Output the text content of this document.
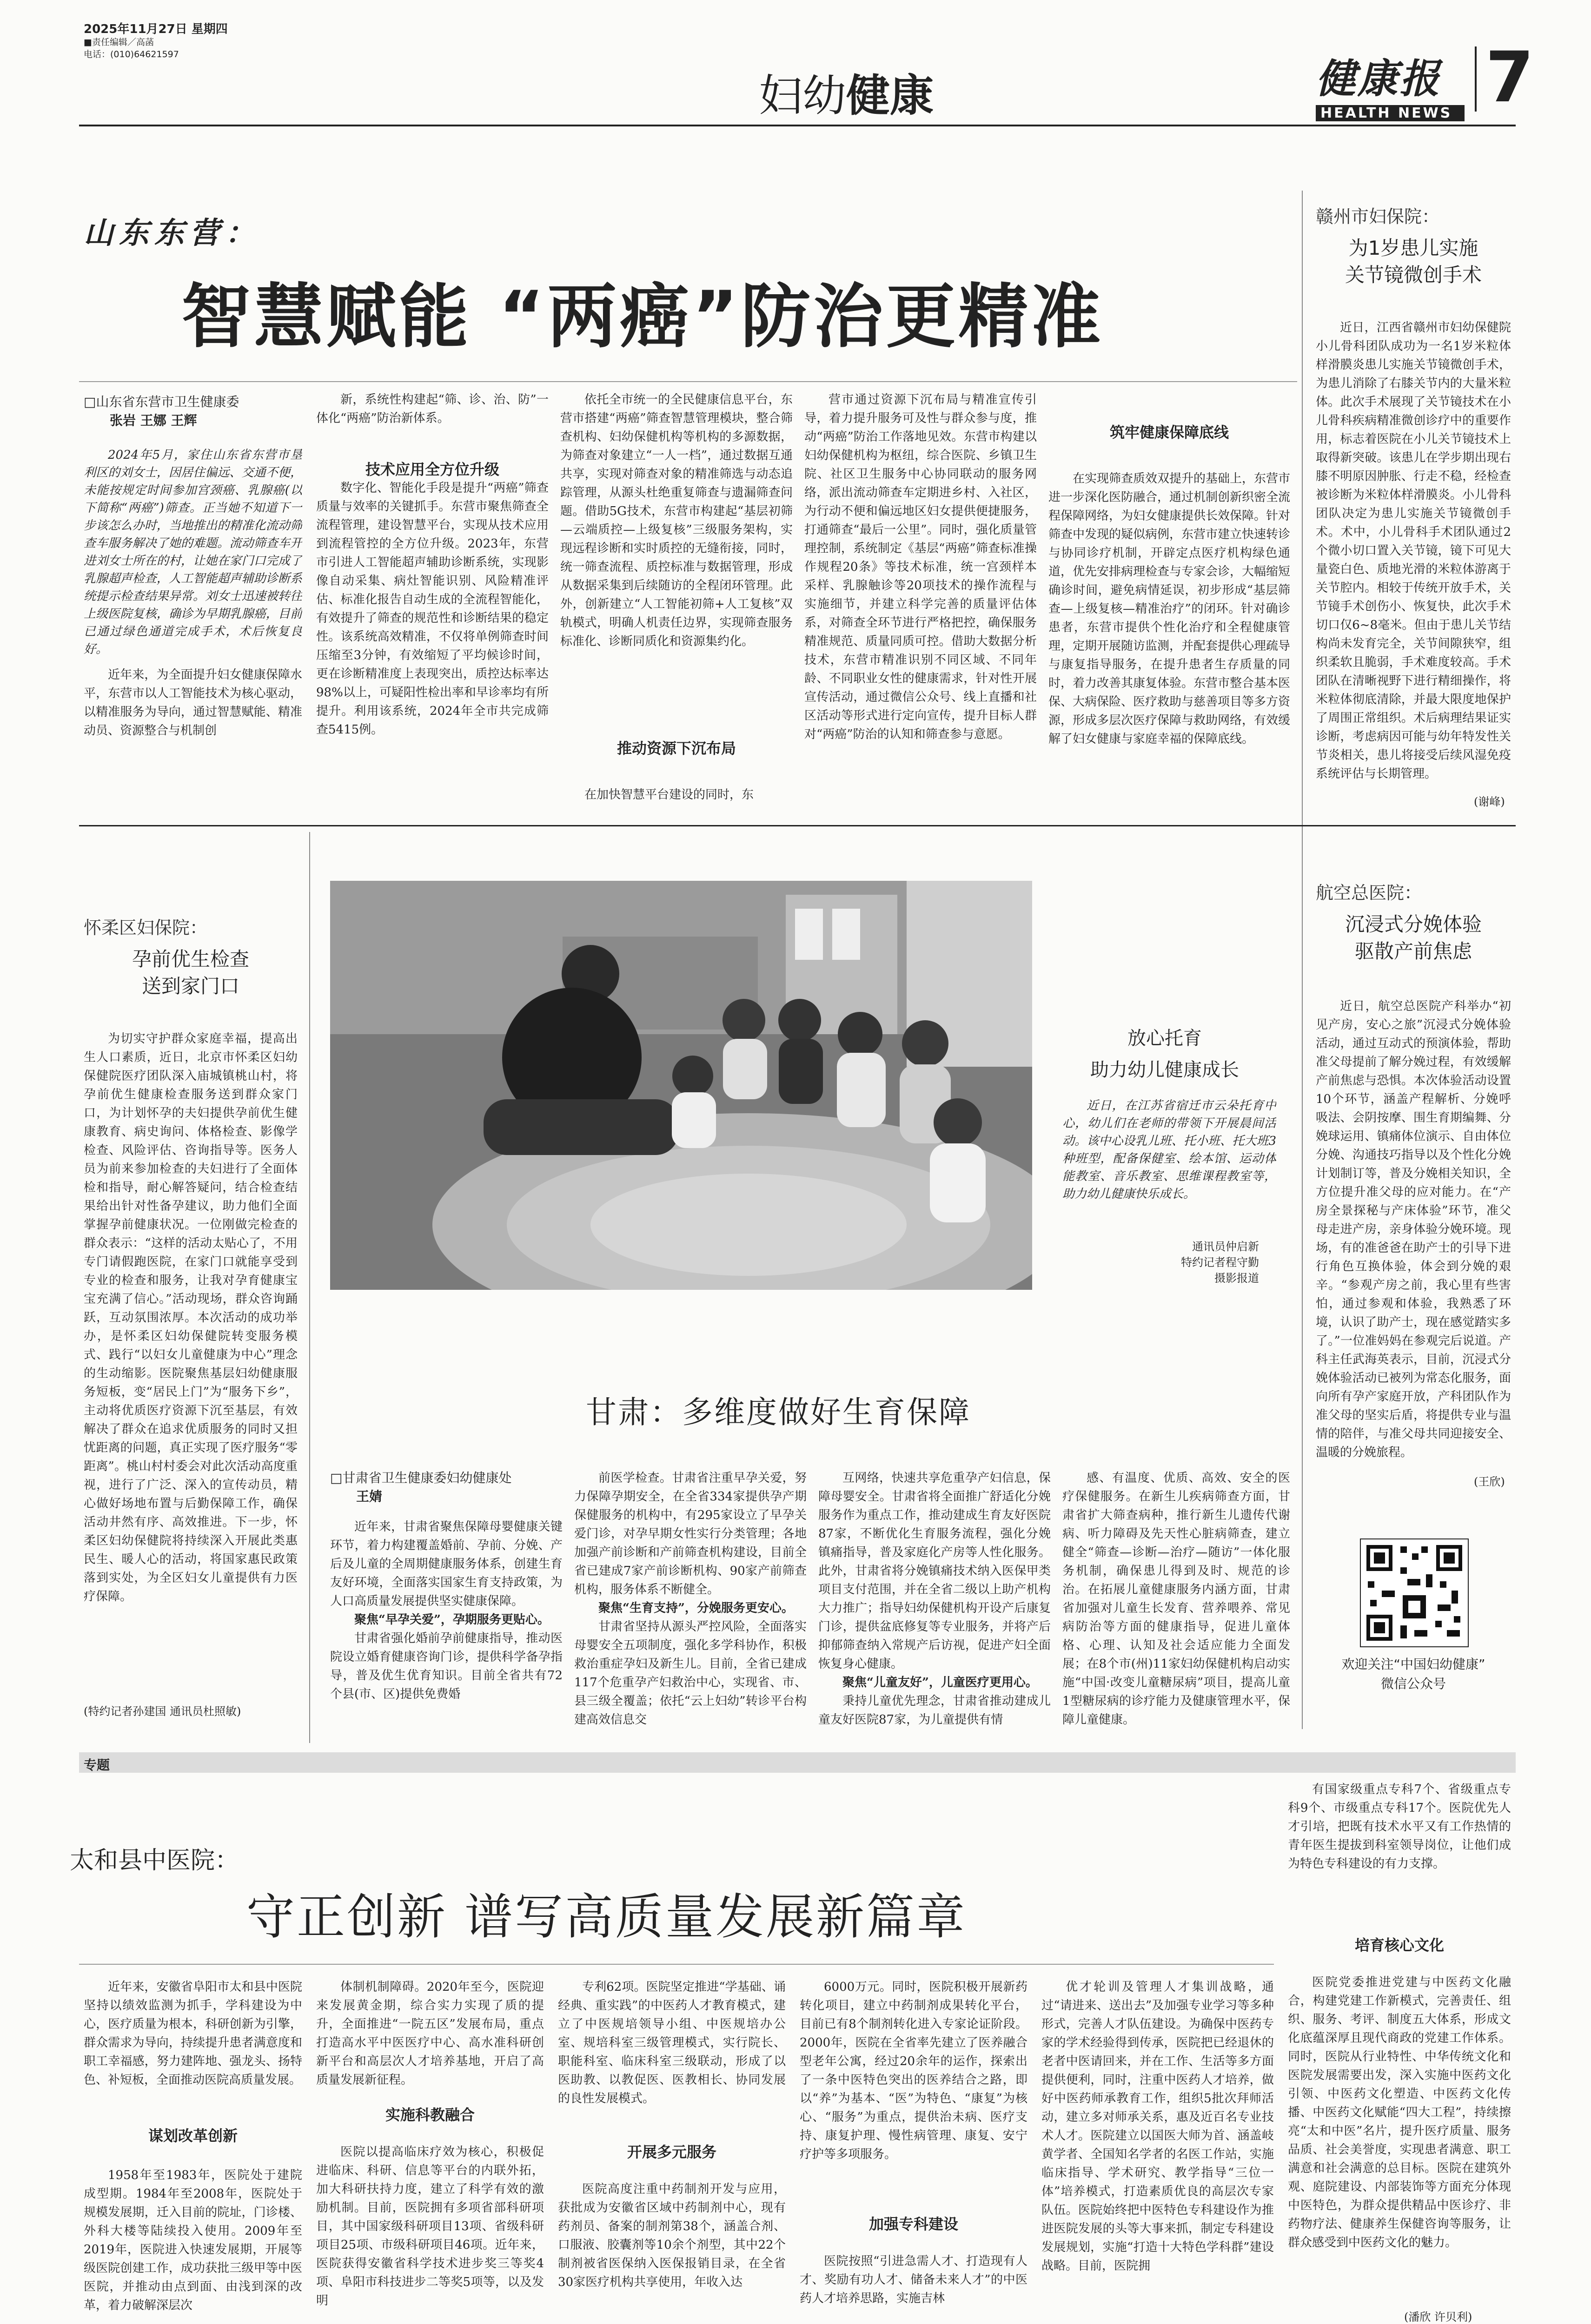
2025年11月27日 星期四
■责任编辑／高菡
电话：(010)64621597
妇幼健康	健康报
HEALTH NEWS 7
山东东营：
智慧赋能 “两癌”防治更精准
□山东省东营市卫生健康委
张岩 王娜 王辉

2024年5月，家住山东省东营市垦利区的刘女士，因居住偏远、交通不便，未能按规定时间参加宫颈癌、乳腺癌(以下简称“两癌”)筛查。正当她不知道下一步该怎么办时，当地推出的精准化流动筛查车服务解决了她的难题。流动筛查车开进刘女士所在的村，让她在家门口完成了乳腺超声检查，人工智能超声辅助诊断系统提示检查结果异常。刘女士迅速被转往上级医院复核，确诊为早期乳腺癌，目前已通过绿色通道完成手术，术后恢复良好。

近年来，为全面提升妇女健康保障水平，东营市以人工智能技术为核心驱动，以精准服务为导向，通过智慧赋能、精准动员、资源整合与机制创

新，系统性构建起“筛、诊、治、防”一体化“两癌”防治新体系。

数字化、智能化手段是提升“两癌”筛查质量与效率的关键抓手。东营市聚焦筛查全流程管理，建设智慧平台，实现从技术应用到流程管控的全方位升级。2023年，东营市引进人工智能超声辅助诊断系统，实现影像自动采集、病灶智能识别、风险精准评估、标准化报告自动生成的全流程智能化，有效提升了筛查的规范性和诊断结果的稳定性。该系统高效精准，不仅将单例筛查时间压缩至3分钟，有效缩短了平均候诊时间，更在诊断精准度上表现突出，质控达标率达98%以上，可疑阳性检出率和早诊率均有所提升。利用该系统，2024年全市共完成筛查5415例。

技术应用全方位升级

依托全市统一的全民健康信息平台，东营市搭建“两癌”筛查智慧管理模块，整合筛查机构、妇幼保健机构等机构的多源数据，为筛查对象建立“一人一档”，通过数据互通共享，实现对筛查对象的精准筛选与动态追踪管理，从源头杜绝重复筛查与遗漏筛查问题。借助5G技术，东营市构建起“基层初筛—云端质控—上级复核”三级服务架构，实现远程诊断和实时质控的无缝衔接，同时，统一筛查流程、质控标准与数据管理，形成从数据采集到后续随访的全程闭环管理。此外，创新建立“人工智能初筛+人工复核”双轨模式，明确人机责任边界，实现筛查服务标准化、诊断同质化和资源集约化。

推动资源下沉布局

在加快智慧平台建设的同时，东

营市通过资源下沉布局与精准宣传引导，着力提升服务可及性与群众参与度，推动“两癌”防治工作落地见效。东营市构建以妇幼保健机构为枢纽，综合医院、乡镇卫生院、社区卫生服务中心协同联动的服务网络，派出流动筛查车定期进乡村、入社区，为行动不便和偏远地区妇女提供便捷服务，打通筛查“最后一公里”。同时，强化质量管理控制，系统制定《基层“两癌”筛查标准操作规程20条》等技术标准，统一宫颈样本采样、乳腺触诊等20项技术的操作流程与实施细节，并建立科学完善的质量评估体系，对筛查全环节进行严格把控，确保服务精准规范、质量同质可控。借助大数据分析技术，东营市精准识别不同区域、不同年龄、不同职业女性的健康需求，针对性开展宣传活动，通过微信公众号、线上直播和社区活动等形式进行定向宣传，提升目标人群对“两癌”防治的认知和筛查参与意愿。

筑牢健康保障底线

在实现筛查质效双提升的基础上，东营市进一步深化医防融合，通过机制创新织密全流程保障网络，为妇女健康提供长效保障。针对筛查中发现的疑似病例，东营市建立快速转诊与协同诊疗机制，开辟定点医疗机构绿色通道，优先安排病理检查与专家会诊，大幅缩短确诊时间，避免病情延误，初步形成“基层筛查—上级复核—精准治疗”的闭环。针对确诊患者，东营市提供个性化治疗和全程健康管理，定期开展随访监测，并配套提供心理疏导与康复指导服务，在提升患者生存质量的同时，着力改善其康复体验。东营市整合基本医保、大病保险、医疗救助与慈善项目等多方资源，形成多层次医疗保障与救助网络，有效缓解了妇女健康与家庭幸福的保障底线。

赣州市妇保院：
为1岁患儿实施
关节镜微创手术

近日，江西省赣州市妇幼保健院小儿骨科团队成功为一名1岁米粒体样滑膜炎患儿实施关节镜微创手术，为患儿消除了右膝关节内的大量米粒体。此次手术展现了关节镜技术在小儿骨科疾病精准微创诊疗中的重要作用，标志着医院在小儿关节镜技术上取得新突破。该患儿在学步期出现右膝不明原因肿胀、行走不稳，经检查被诊断为米粒体样滑膜炎。小儿骨科团队决定为患儿实施关节镜微创手术。术中，小儿骨科手术团队通过2个微小切口置入关节镜，镜下可见大量瓷白色、质地光滑的米粒体游离于关节腔内。相较于传统开放手术，关节镜手术创伤小、恢复快，此次手术切口仅6~8毫米。但由于患儿关节结构尚未发育完全，关节间隙狭窄，组织柔软且脆弱，手术难度较高。手术团队在清晰视野下进行精细操作，将米粒体彻底清除，并最大限度地保护了周围正常组织。术后病理结果证实诊断，考虑病因可能与幼年特发性关节炎相关，患儿将接受后续风湿免疫系统评估与长期管理。

(谢峰)
怀柔区妇保院：
孕前优生检查
送到家门口

为切实守护群众家庭幸福，提高出生人口素质，近日，北京市怀柔区妇幼保健院医疗团队深入庙城镇桃山村，将孕前优生健康检查服务送到群众家门口，为计划怀孕的夫妇提供孕前优生健康教育、病史询问、体格检查、影像学检查、风险评估、咨询指导等。医务人员为前来参加检查的夫妇进行了全面体检和指导，耐心解答疑问，结合检查结果给出针对性备孕建议，助力他们全面掌握孕前健康状况。一位刚做完检查的群众表示：“这样的活动太贴心了，不用专门请假跑医院，在家门口就能享受到专业的检查和服务，让我对孕育健康宝宝充满了信心。”活动现场，群众咨询踊跃，互动氛围浓厚。本次活动的成功举办，是怀柔区妇幼保健院转变服务模式、践行“以妇女儿童健康为中心”理念的生动缩影。医院聚焦基层妇幼健康服务短板，变“居民上门”为“服务下乡”，主动将优质医疗资源下沉至基层，有效解决了群众在追求优质服务的同时又担忧距离的问题，真正实现了医疗服务“零距离”。桃山村村委会对此次活动高度重视，进行了广泛、深入的宣传动员，精心做好场地布置与后勤保障工作，确保活动井然有序、高效推进。下一步，怀柔区妇幼保健院将持续深入开展此类惠民生、暖人心的活动，将国家惠民政策落到实处，为全区妇女儿童提供有力医疗保障。

(特约记者孙建国 通讯员杜照敏)
放心托育
助力幼儿健康成长

近日，在江苏省宿迁市云朵托育中心，幼儿们在老师的带领下开展晨间活动。该中心设乳儿班、托小班、托大班3种班型，配备保健室、绘本馆、运动体能教室、音乐教室、思维课程教室等，助力幼儿健康快乐成长。

通讯员仲启新
特约记者程守勤
摄影报道
航空总医院：
沉浸式分娩体验
驱散产前焦虑

近日，航空总医院产科举办“初见产房，安心之旅”沉浸式分娩体验活动，通过互动式的预演体验，帮助准父母提前了解分娩过程，有效缓解产前焦虑与恐惧。本次体验活动设置10个环节，涵盖产程解析、分娩呼吸法、会阴按摩、围生育期编舞、分娩球运用、镇痛体位演示、自由体位分娩、沟通技巧指导以及个性化分娩计划制订等，普及分娩相关知识，全方位提升准父母的应对能力。在“产房全景探秘与产床体验”环节，准父母走进产房，亲身体验分娩环境。现场，有的准爸爸在助产士的引导下进行角色互换体验，体会到分娩的艰辛。“参观产房之前，我心里有些害怕，通过参观和体验，我熟悉了环境，认识了助产士，现在感觉踏实多了。”一位准妈妈在参观完后说道。产科主任武海英表示，目前，沉浸式分娩体验活动已被列为常态化服务，面向所有孕产家庭开放，产科团队作为准父母的坚实后盾，将提供专业与温情的陪伴，与准父母共同迎接安全、温暖的分娩旅程。

(王欣)
欢迎关注“中国妇幼健康”
微信公众号
甘肃：多维度做好生育保障
□甘肃省卫生健康委妇幼健康处
王婧

近年来，甘肃省聚焦保障母婴健康关键环节，着力构建覆盖婚前、孕前、分娩、产后及儿童的全周期健康服务体系，创建生育友好环境，全面落实国家生育支持政策，为人口高质量发展提供坚实健康保障。

聚焦“早孕关爱”，孕期服务更贴心。

甘肃省强化婚前孕前健康指导，推动医院设立婚育健康咨询门诊，提供科学备孕指导，普及优生优育知识。目前全省共有72个县(市、区)提供免费婚

前医学检查。甘肃省注重早孕关爱，努力保障孕期安全，在全省334家提供孕产期保健服务的机构中，有295家设立了早孕关爱门诊，对孕早期女性实行分类管理；各地加强产前诊断和产前筛查机构建设，目前全省已建成7家产前诊断机构、90家产前筛查机构，服务体系不断健全。

聚焦“生育支持”，分娩服务更安心。

甘肃省坚持从源头严控风险，全面落实母婴安全五项制度，强化多学科协作，积极救治重症孕妇及新生儿。目前，全省已建成117个危重孕产妇救治中心，实现省、市、县三级全覆盖；依托“云上妇幼”转诊平台构建高效信息交

互网络，快速共享危重孕产妇信息，保障母婴安全。甘肃省将全面推广舒适化分娩服务作为重点工作，推动建成生育友好医院87家，不断优化生育服务流程，强化分娩镇痛指导，普及家庭化产房等人性化服务。此外，甘肃省将分娩镇痛技术纳入医保甲类项目支付范围，并在全省二级以上助产机构大力推广；指导妇幼保健机构开设产后康复门诊，提供盆底修复等专业服务，并将产后抑郁筛查纳入常规产后访视，促进产妇全面恢复身心健康。

聚焦“儿童友好”，儿童医疗更用心。

秉持儿童优先理念，甘肃省推动建成儿童友好医院87家，为儿童提供有情

感、有温度、优质、高效、安全的医疗保健服务。在新生儿疾病筛查方面，甘肃省扩大筛查病种，推行新生儿遗传代谢病、听力障碍及先天性心脏病筛查，建立健全“筛查—诊断—治疗—随访”一体化服务机制，确保患儿得到及时、规范的诊治。在拓展儿童健康服务内涵方面，甘肃省加强对儿童生长发育、营养喂养、常见病防治等方面的健康指导，促进儿童体格、心理、认知及社会适应能力全面发展；在8个市(州)11家妇幼保健机构启动实施“中国·改变儿童糖尿病”项目，提高儿童1型糖尿病的诊疗能力及健康管理水平，保障儿童健康。

专题
太和县中医院：
守正创新 谱写高质量发展新篇章

近年来，安徽省阜阳市太和县中医院坚持以绩效监测为抓手，学科建设为中心，医疗质量为根本，科研创新为引擎，群众需求为导向，持续提升患者满意度和职工幸福感，努力建阵地、强龙头、扬特色、补短板，全面推动医院高质量发展。

谋划改革创新

1958年至1983年，医院处于建院成型期。1984年至2008年，医院处于规模发展期，迁入目前的院址，门诊楼、外科大楼等陆续投入使用。2009年至2019年，医院进入快速发展期，开展等级医院创建工作，成功获批三级甲等中医医院，并推动由点到面、由浅到深的改革，着力破解深层次

体制机制障碍。2020年至今，医院迎来发展黄金期，综合实力实现了质的提升，全面推进“一院五区”发展布局，重点打造高水平中医医疗中心、高水准科研创新平台和高层次人才培养基地，开启了高质量发展新征程。

实施科教融合

医院以提高临床疗效为核心，积极促进临床、科研、信息等平台的内联外拓，加大科研扶持力度，建立了科学有效的激励机制。目前，医院拥有多项省部科研项目，其中国家级科研项目13项、省级科研项目25项、市级科研项目46项。近年来，医院获得安徽省科学技术进步奖三等奖4项、阜阳市科技进步二等奖5项等，以及发明

专利62项。医院坚定推进“学基础、诵经典、重实践”的中医药人才教育模式，建立了中医规培领导小组、中医规培办公室、规培科室三级管理模式，实行院长、职能科室、临床科室三级联动，形成了以医助教、以教促医、医教相长、协同发展的良性发展模式。

开展多元服务

医院高度注重中药制剂开发与应用，获批成为安徽省区域中药制剂中心，现有药剂员、备案的制剂第38个，涵盖合剂、口服液、胶囊剂等10余个剂型，其中22个制剂被省医保纳入医保报销目录，在全省30家医疗机构共享使用，年收入达

6000万元。同时，医院积极开展新药转化项目，建立中药制剂成果转化平台，目前已有8个制剂转化进入专家论证阶段。2000年，医院在全省率先建立了医养融合型老年公寓，经过20余年的运作，探索出了一条中医特色突出的医养结合之路，即以“养”为基本、“医”为特色、“康复”为核心、“服务”为重点，提供治未病、医疗支持、康复护理、慢性病管理、康复、安宁疗护等多项服务。

加强专科建设

医院按照“引进急需人才、打造现有人才、奖励有功人才、储备未来人才”的中医药人才培养思路，实施吉林

优才轮训及管理人才集训战略，通过“请进来、送出去”及加强专业学习等多种形式，完善人才队伍建设。为确保中医药专家的学术经验得到传承，医院把已经退休的老者中医请回来，并在工作、生活等多方面提供便利，同时，注重中医药人才培养，做好中医药师承教育工作，组织5批次拜师活动，建立多对师承关系，惠及近百名专业技术人才。医院建立以国医大师为首、涵盖岐黄学者、全国知名学者的名医工作站，实施临床指导、学术研究、教学指导“三位一体”培养模式，打造素质优良的高层次专家队伍。医院始终把中医特色专科建设作为推进医院发展的头等大事来抓，制定专科建设发展规划，实施“打造十大特色学科群”建设战略。目前，医院拥

有国家级重点专科7个、省级重点专科9个、市级重点专科17个。医院优先人才引培，把既有技术水平又有工作热情的青年医生提拔到科室领导岗位，让他们成为特色专科建设的有力支撑。

培育核心文化

医院党委推进党建与中医药文化融合，构建党建工作新模式，完善责任、组织、服务、考评、制度五大体系，形成文化底蕴深厚且现代商政的党建工作体系。同时，医院从行业特性、中华传统文化和医院发展需要出发，深入实施中医药文化引领、中医药文化塑造、中医药文化传播、中医药文化赋能“四大工程”，持续擦亮“太和中医”名片，提升医疗质量、服务品质、社会美誉度，实现患者满意、职工满意和社会满意的总目标。医院在建筑外观、庭院建设、内部装饰等方面充分体现中医特色，为群众提供精品中医诊疗、非药物疗法、健康养生保健咨询等服务，让群众感受到中医药文化的魅力。

(潘欣 许贝利)
